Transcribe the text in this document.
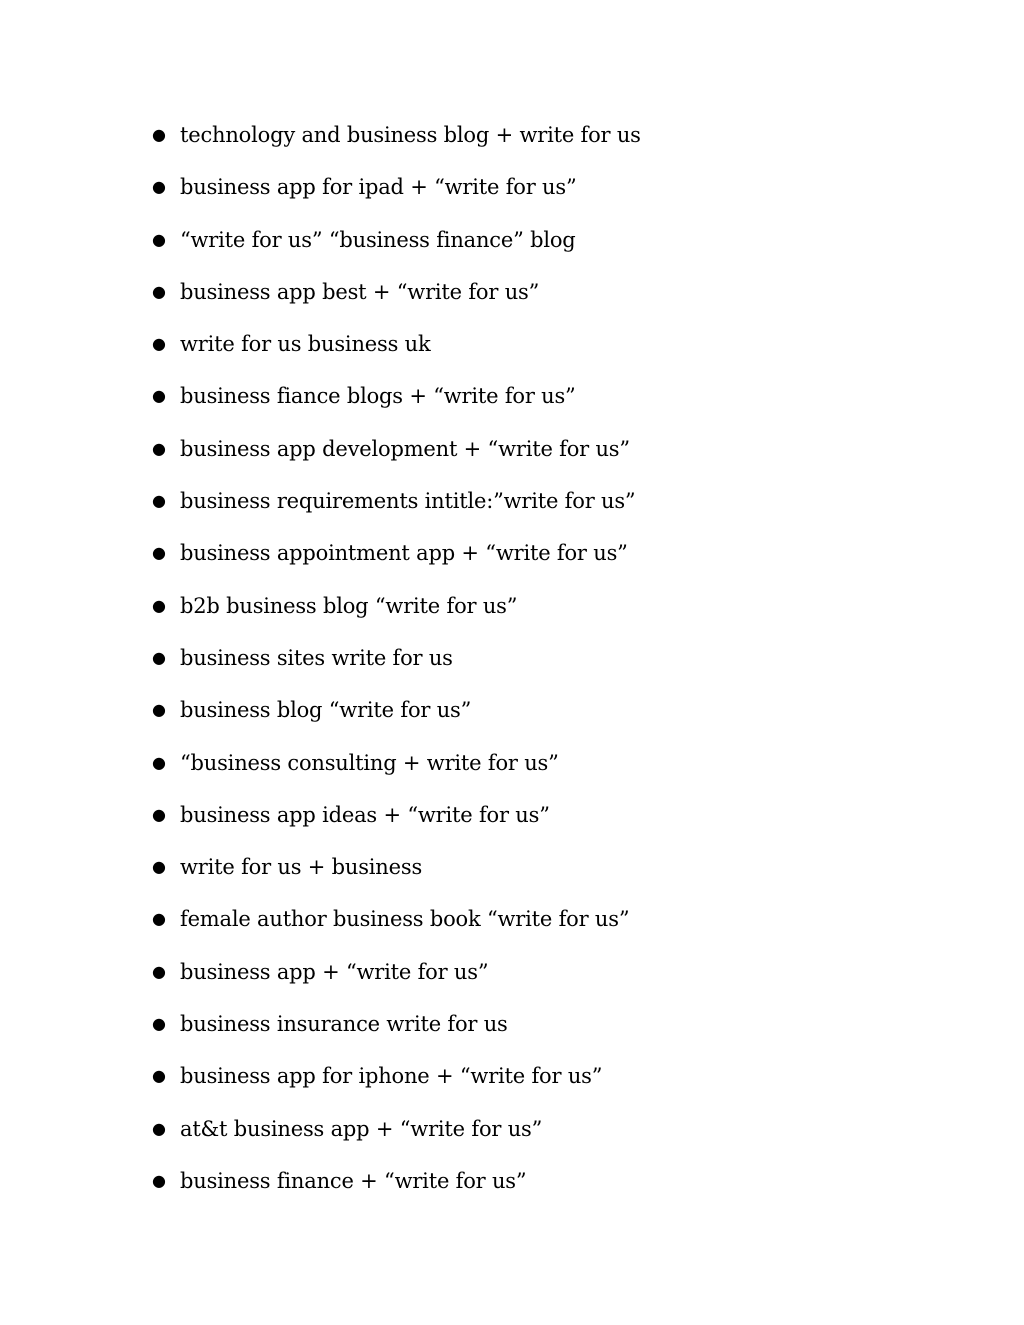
● technology and business blog + write for us
● business app for ipad + “write for us”
● “write for us” “business finance” blog
● business app best + “write for us”
● write for us business uk
● business fiance blogs + “write for us”
● business app development + “write for us”
● business requirements intitle:”write for us”
● business appointment app + “write for us”
● b2b business blog “write for us”
● business sites write for us
● business blog “write for us”
● “business consulting + write for us”
● business app ideas + “write for us”
● write for us + business
● female author business book “write for us”
● business app + “write for us”
● business insurance write for us
● business app for iphone + “write for us”
● at&t business app + “write for us”
● business finance + “write for us”
